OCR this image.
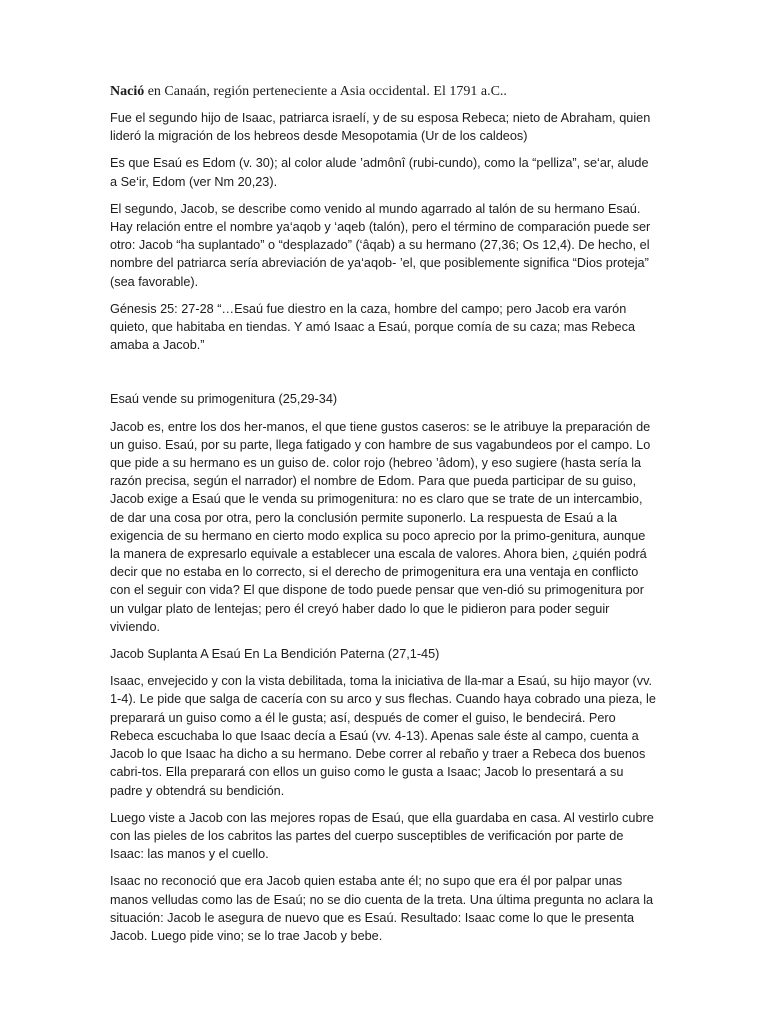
Nació en Canaán, región perteneciente a Asia occidental. El 1791 a.C..

Fue el segundo hijo de Isaac, patriarca israelí, y de su esposa Rebeca; nieto de Abraham, quien lideró la migración de los hebreos desde Mesopotamia (Ur de los caldeos)

Es que Esaú es Edom (v. 30); al color alude ’admônî (rubi-cundo), como la “pelliza”, se‘ar, alude a Se‘ir, Edom (ver Nm 20,23).

El segundo, Jacob, se describe como venido al mundo agarrado al talón de su hermano Esaú. Hay relación entre el nombre ya‘aqob y ‘aqeb (talón), pero el término de comparación puede ser otro: Jacob “ha suplantado” o “desplazado” (‘âqab) a su hermano (27,36; Os 12,4). De hecho, el nombre del patriarca sería abreviación de ya‘aqob- ’el, que posiblemente significa “Dios proteja” (sea favorable).

Génesis 25: 27-28 “…Esaú fue diestro en la caza, hombre del campo; pero Jacob era varón quieto, que habitaba en tiendas. Y amó Isaac a Esaú, porque comía de su caza; mas Rebeca amaba a Jacob.”

Esaú vende su primogenitura (25,29-34)

Jacob es, entre los dos her-manos, el que tiene gustos caseros: se le atribuye la preparación de un guiso. Esaú, por su parte, llega fatigado y con hambre de sus vagabundeos por el campo. Lo que pide a su hermano es un guiso de. color rojo (hebreo ’âdom), y eso sugiere (hasta sería la razón precisa, según el narrador) el nombre de Edom. Para que pueda participar de su guiso, Jacob exige a Esaú que le venda su primogenitura: no es claro que se trate de un intercambio, de dar una cosa por otra, pero la conclusión permite suponerlo. La respuesta de Esaú a la exigencia de su hermano en cierto modo explica su poco aprecio por la primo-genitura, aunque la manera de expresarlo equivale a establecer una escala de valores. Ahora bien, ¿quién podrá decir que no estaba en lo correcto, si el derecho de primogenitura era una ventaja en conflicto con el seguir con vida? El que dispone de todo puede pensar que ven-dió su primogenitura por un vulgar plato de lentejas; pero él creyó haber dado lo que le pidieron para poder seguir viviendo.

Jacob Suplanta A Esaú En La Bendición Paterna (27,1-45)

Isaac, envejecido y con la vista debilitada, toma la iniciativa de lla-mar a Esaú, su hijo mayor (vv. 1-4). Le pide que salga de cacería con su arco y sus flechas. Cuando haya cobrado una pieza, le preparará un guiso como a él le gusta; así, después de comer el guiso, le bendecirá. Pero Rebeca escuchaba lo que Isaac decía a Esaú (vv. 4-13). Apenas sale éste al campo, cuenta a Jacob lo que Isaac ha dicho a su hermano. Debe correr al rebaño y traer a Rebeca dos buenos cabri-tos. Ella preparará con ellos un guiso como le gusta a Isaac; Jacob lo presentará a su padre y obtendrá su bendición.

Luego viste a Jacob con las mejores ropas de Esaú, que ella guardaba en casa. Al vestirlo cubre con las pieles de los cabritos las partes del cuerpo susceptibles de verificación por parte de Isaac: las manos y el cuello.

Isaac no reconoció que era Jacob quien estaba ante él; no supo que era él por palpar unas manos velludas como las de Esaú; no se dio cuenta de la treta. Una última pregunta no aclara la situación: Jacob le asegura de nuevo que es Esaú. Resultado: Isaac come lo que le presenta Jacob. Luego pide vino; se lo trae Jacob y bebe.
